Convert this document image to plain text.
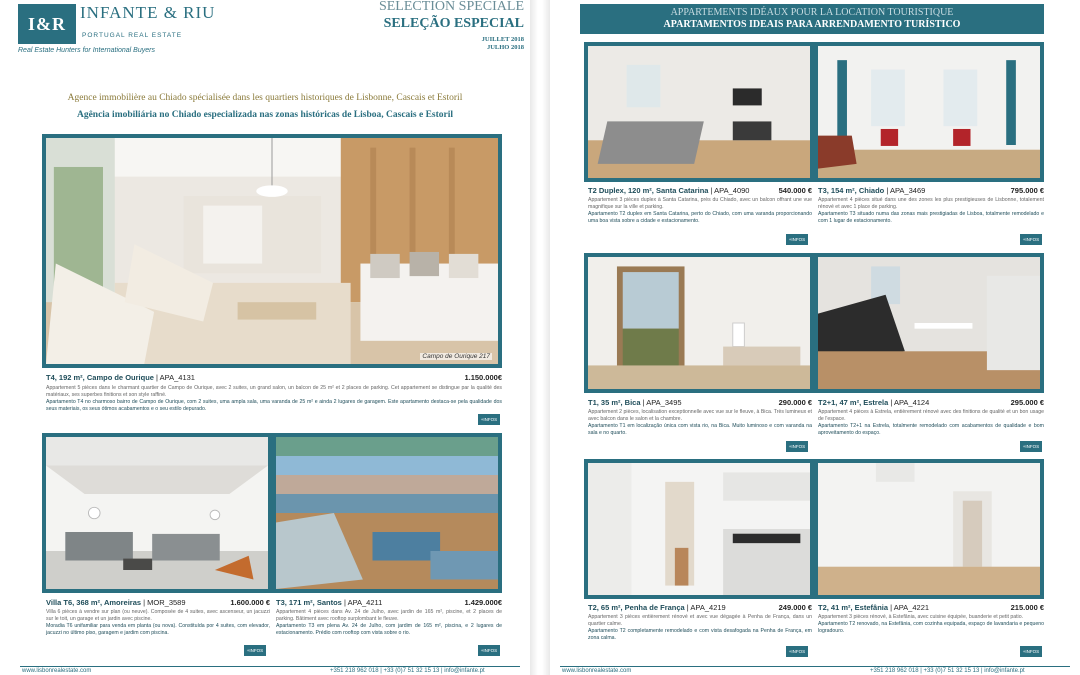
I&R
INFANTE & RIU
PORTUGAL REAL ESTATE
Real Estate Hunters for International Buyers
SELECTION SPECIALE
SELEÇÃO ESPECIAL
JUILLET 2018
JULHO 2018
Agence immobilière au Chiado spécialisée dans les quartiers historiques de Lisbonne, Cascais et Estoril
Agência imobiliária no Chiado especializada nas zonas históricas de Lisboa, Cascais e Estoril
Campo de Ourique 217
T4, 192 m², Campo de Ourique | APA_4131	1.150.000€
Appartement 5 pièces dans le charmant quartier de Campo de Ourique, avec 2 suites, un grand salon, un balcon de 25 m² et 2 places de parking. Cet appartement se distingue par la qualité des matériaux, ses superbes finitions et son style raffiné.
Apartamento T4 no charmoso bairro de Campo de Ourique, com 2 suites, uma ampla sala, uma varanda de 25 m² e ainda 2 lugares de garagem. Este apartamento destaca-se pela qualidade dos seus materiais, os seus ótimos acabamentos e o seu estilo depurado.
+INFOS
Villa T6, 368 m², Amoreiras | MOR_3589	1.600.000 €
Villa 6 pièces à vendre sur plan (ou neuve). Composée de 4 suites, avec ascenseur, un jacuzzi sur le toit, un garage et un jardin avec piscine.
Moradia T6 unifamiliar para venda em planta (ou nova). Constituída por 4 suites, com elevador, jacuzzi no último piso, garagem e jardim com piscina.
+INFOS
T3, 171 m², Santos | APA_4211	1.429.000€
Appartement 4 pièces dans Av. 24 de Julho, avec jardin de 165 m², piscine, et 2 places de parking. Bâtiment avec rooftop surplombant le fleuve.
Apartamento T3 em plena Av. 24 de Julho, com jardim de 165 m², piscina, e 2 lugares de estacionamento. Prédio com rooftop com vista sobre o rio.
+INFOS
www.lisbonrealestate.com	+351 218 962 018 | +33 (0)7 51 32 15 13 | info@infante.pt
APPARTEMENTS IDÉAUX POUR LA LOCATION TOURISTIQUE
APARTAMENTOS IDEAIS PARA ARRENDAMENTO TURÍSTICO
T2 Duplex, 120 m², Santa Catarina | APA_4090	540.000 €
Appartement 3 pièces duplex à Santa Catarina, près du Chiado, avec un balcon offrant une vue magnifique sur la ville et parking.
Apartamento T2 duplex em Santa Catarina, perto do Chiado, com uma varanda proporcionando uma boa vista sobre a cidade e estacionamento.
+INFOS
T3, 154 m², Chiado | APA_3469	795.000 €
Appartement 4 pièces situé dans une des zones les plus prestigieuses de Lisbonne, totalement rénové et avec 1 place de parking.
Apartamento T3 situado numa das zonas mais prestigiadas de Lisboa, totalmente remodelado e com 1 lugar de estacionamento.
+INFOS
T1, 35 m², Bica | APA_3495	290.000 €
Appartement 2 pièces, localisation exceptionnelle avec vue sur le fleuve, à Bica. Très lumineux et avec balcon dans le salon et la chambre.
Apartamento T1 em localização única com vista rio, na Bica. Muito luminoso e com varanda na sala e no quarto.
+INFOS
T2+1, 47 m², Estrela | APA_4124	295.000 €
Appartement 4 pièces à Estrela, entièrement rénové avec des finitions de qualité et un bon usage de l'espace.
Apartamento T2+1 na Estrela, totalmente remodelado com acabamentos de qualidade e bom aproveitamento do espaço.
+INFOS
T2, 65 m², Penha de França | APA_4219	249.000 €
Appartement 3 pièces entièrement rénové et avec vue dégagée à Penha de França, dans un quartier calme.
Apartamento T2 completamente remodelado e com vista desafogada na Penha de França, em zona calma.
+INFOS
T2, 41 m², Estefânia | APA_4221	215.000 €
Appartement 3 pièces rénové, à Estefânia, avec cuisine équipée, buanderie et petit patio.
Apartamento T2 renovado, na Estefânia, com cozinha equipada, espaço de lavandaria e pequeno logradouro.
+INFOS
www.lisbonrealestate.com	+351 218 962 018 | +33 (0)7 51 32 15 13 | info@infante.pt
